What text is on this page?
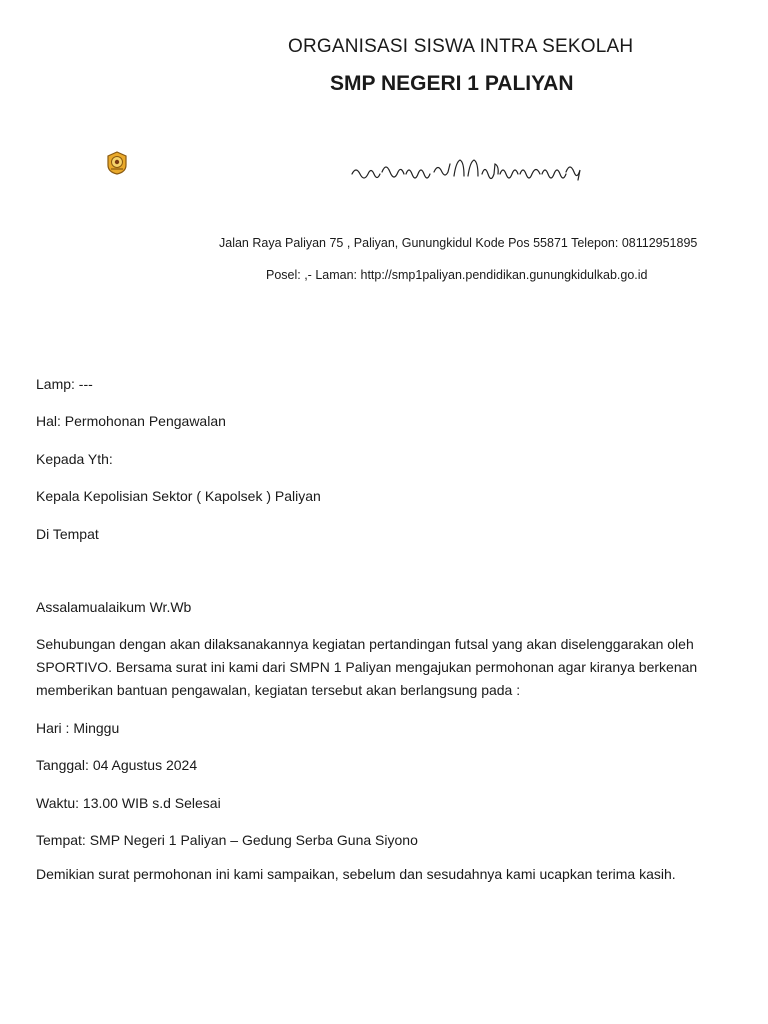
ORGANISASI SISWA INTRA SEKOLAH
SMP NEGERI 1 PALIYAN
Jalan Raya Paliyan 75 , Paliyan, Gunungkidul Kode Pos 55871 Telepon: 08112951895
Posel: ,- Laman: http://smp1paliyan.pendidikan.gunungkidulkab.go.id
Lamp: ---
Hal: Permohonan Pengawalan
Kepada Yth:
Kepala Kepolisian Sektor ( Kapolsek ) Paliyan
Di Tempat
Assalamualaikum Wr.Wb
Sehubungan dengan akan dilaksanakannya kegiatan pertandingan futsal yang akan diselenggarakan oleh SPORTIVO. Bersama surat ini kami dari SMPN 1 Paliyan mengajukan permohonan agar kiranya berkenan memberikan bantuan pengawalan, kegiatan tersebut akan berlangsung pada :
Hari : Minggu
Tanggal: 04 Agustus 2024
Waktu: 13.00 WIB s.d Selesai
Tempat: SMP Negeri 1 Paliyan – Gedung Serba Guna Siyono
Demikian surat permohonan ini kami sampaikan, sebelum dan sesudahnya kami ucapkan terima kasih.
